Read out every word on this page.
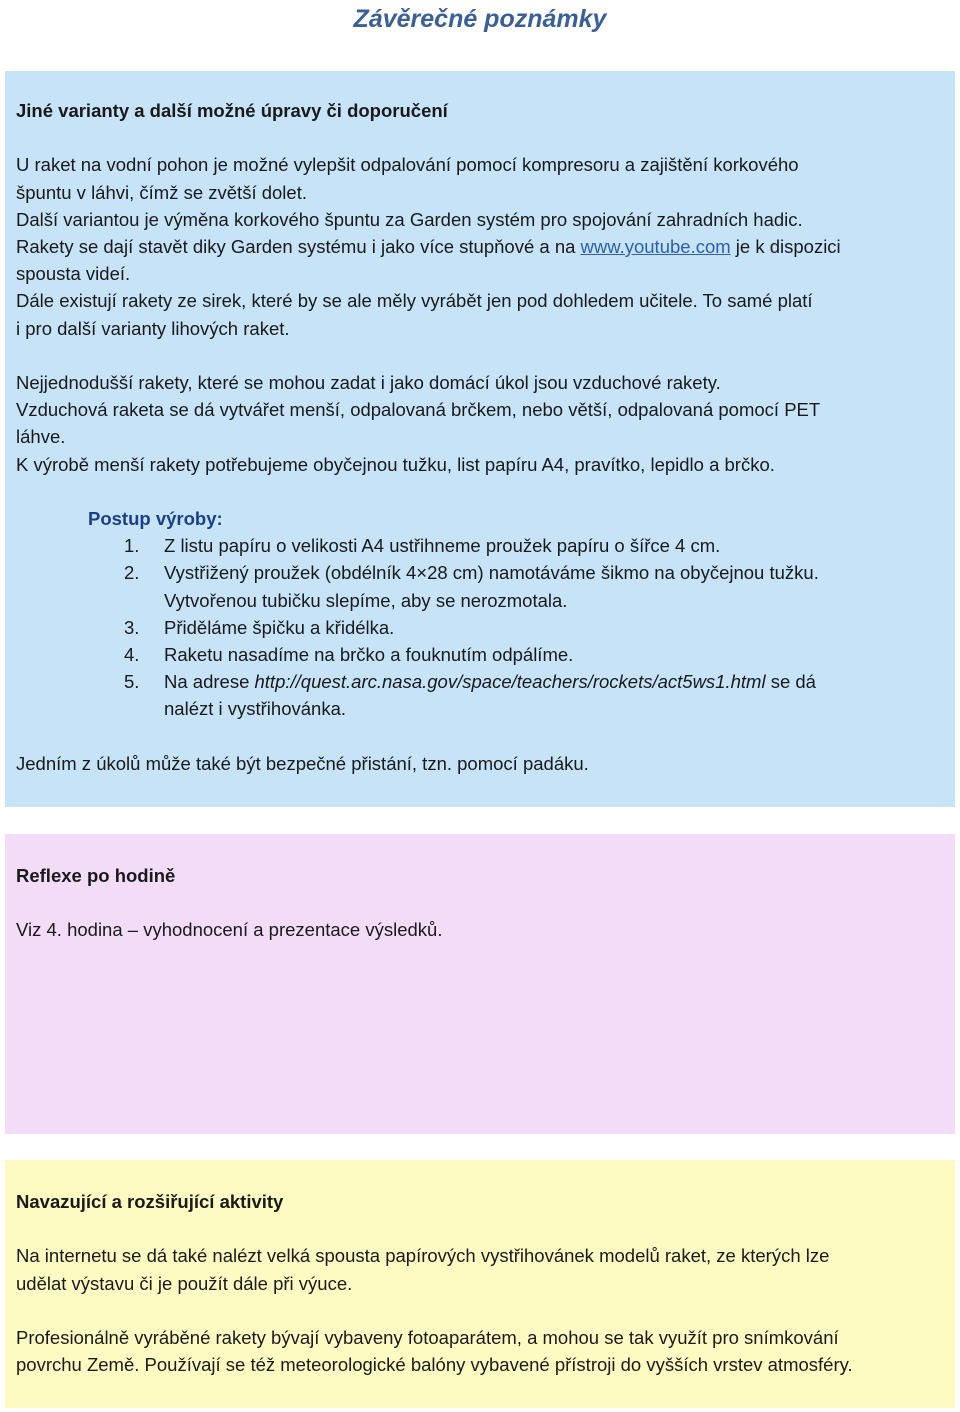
Závěrečné poznámky

Jiné varianty a další možné úpravy či doporučení

U raket na vodní pohon je možné vylepšit odpalování pomocí kompresoru a zajištění korkového

špuntu v láhvi, čímž se zvětší dolet.

Další variantou je výměna korkového špuntu za Garden systém pro spojování zahradních hadic.

Rakety se dají stavět diky Garden systému i jako více stupňové a na www.youtube.com je k dispozici

spousta videí.

Dále existují rakety ze sirek, které by se ale měly vyrábět jen pod dohledem učitele. To samé platí

i pro další varianty lihových raket.

Nejjednodušší rakety, které se mohou zadat i jako domácí úkol jsou vzduchové rakety.

Vzduchová raketa se dá vytvářet menší, odpalovaná brčkem, nebo větší, odpalovaná pomocí PET

láhve.

K výrobě menší rakety potřebujeme obyčejnou tužku, list papíru A4, pravítko, lepidlo a brčko.

Postup výroby:

1.	Z listu papíru o velikosti A4 ustřihneme proužek papíru o šířce 4 cm.
2.	Vystřižený proužek (obdélník 4×28 cm) namotáváme šikmo na obyčejnou tužku.
Vytvořenou tubičku slepíme, aby se nerozmotala.
3.	Přiděláme špičku a křidélka.
4.	Raketu nasadíme na brčko a fouknutím odpálíme.
5.	Na adrese http://quest.arc.nasa.gov/space/teachers/rockets/act5ws1.html se dá
nalézt i vystřihovánka.

Jedním z úkolů může také být bezpečné přistání, tzn. pomocí padáku.

Reflexe po hodině

Viz 4. hodina – vyhodnocení a prezentace výsledků.

Navazující a rozšiřující aktivity

Na internetu se dá také nalézt velká spousta papírových vystřihovánek modelů raket, ze kterých lze

udělat výstavu či je použít dále při výuce.

Profesionálně vyráběné rakety bývají vybaveny fotoaparátem, a mohou se tak využít pro snímkování

povrchu Země. Používají se též meteorologické balóny vybavené přístroji do vyšších vrstev atmosféry.
